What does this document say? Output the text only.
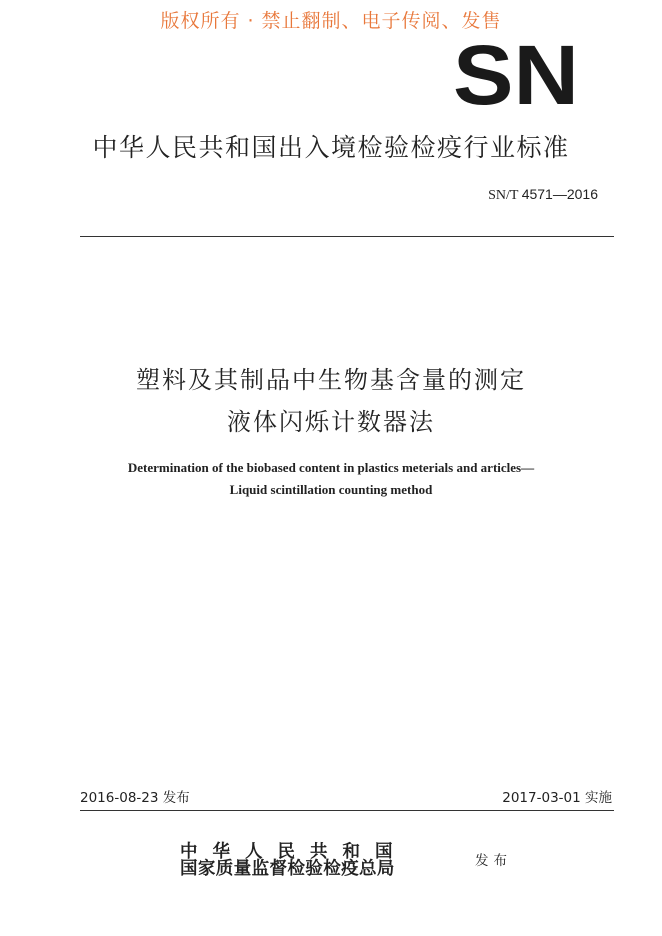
版权所有 · 禁止翻制、电子传阅、发售
SN
中华人民共和国出入境检验检疫行业标准
SN/T 4571—2016
塑料及其制品中生物基含量的测定
液体闪烁计数器法
Determination of the biobased content in plastics meterials and articles—
Liquid scintillation counting method
2016-08-23 发布	2017-03-01 实施
中华人民共和国
国家质量监督检验检疫总局	发布
